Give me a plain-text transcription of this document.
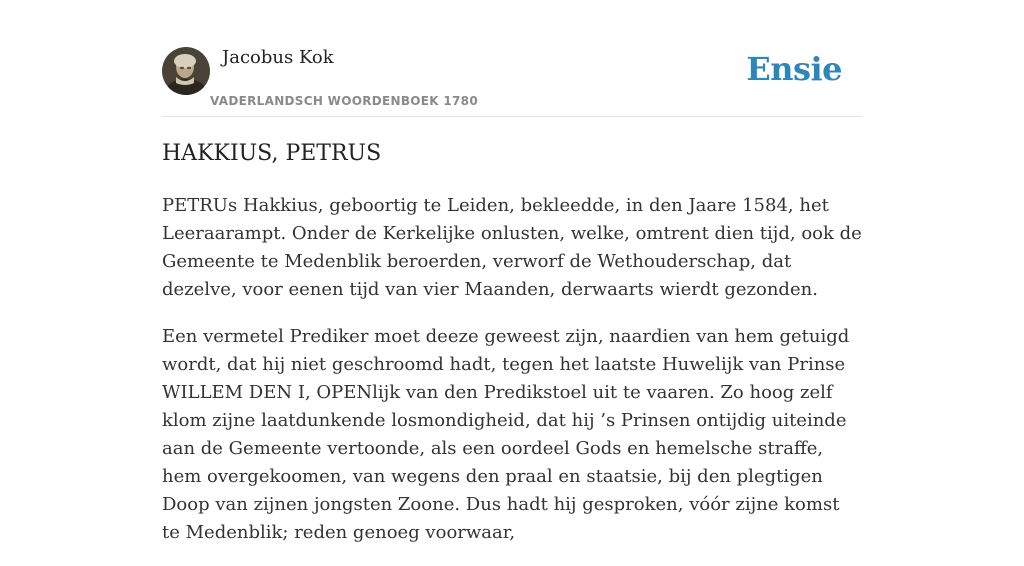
Jacobus Kok
VADERLANDSCH WOORDENBOEK 1780
Ensie
HAKKIUS, PETRUS

PETRUs Hakkius, geboortig te Leiden, bekleedde, in den Jaare 1584, het Leeraarampt. Onder de Kerkelijke onlusten, welke, omtrent dien tijd, ook de Gemeente te Medenblik beroerden, verworf de Wethouderschap, dat dezelve, voor eenen tijd van vier Maanden, derwaarts wierdt gezonden.

Een vermetel Prediker moet deeze geweest zijn, naardien van hem getuigd wordt, dat hij niet geschroomd hadt, tegen het laatste Huwelijk van Prinse WILLEM DEN I, OPENlijk van den Predikstoel uit te vaaren. Zo hoog zelf klom zijne laatdunkende losmondigheid, dat hij ’s Prinsen ontijdig uiteinde aan de Gemeente vertoonde, als een oordeel Gods en hemelsche straffe, hem overgekoomen, van wegens den praal en staatsie, bij den plegtigen Doop van zijnen jongsten Zoone. Dus hadt hij gesproken, vóór zijne komst te Medenblik; reden genoeg voorwaar,
